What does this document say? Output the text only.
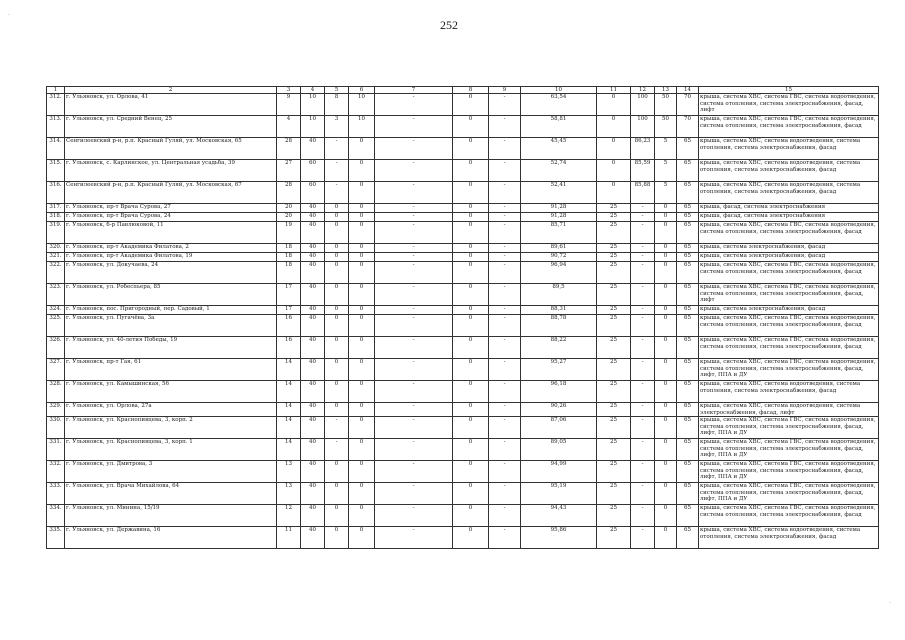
252
1	2	3	4	5	6	7	8	9	10	11	12	13	14	15
312.	г. Ульяновск, ул. Орлова, 41	9	10	8	10	-	0	-	63,54	0	100	50	70	крыша, система ХВС, система ГВС, система водоотведения, система отопления, система электроснабжения, фасад, лифт
313.	г. Ульяновск, ул. Средний Венец, 25	4	10	3	10	-	0	-	58,81	0	100	50	70	крыша, система ХВС, система ГВС, система водоотведения, система отопления, система электроснабжения, фасад
314.	Сенгилеевский р-н, р.п. Красный Гуляй, ул. Московская, 65	28	40	-	0	-	0	-	45,45	0	86,23	5	65	крыша, система ХВС, система водоотведения, система отопления, система электроснабжения, фасад
315.	г. Ульяновск, с. Карлинское, ул. Центральная усадьба, 39	27	60	-	0	-	0	-	52,74	0	85,59	5	65	крыша, система ХВС, система водоотведения, система отопления, система электроснабжения, фасад
316.	Сенгилеевский р-н, р.п. Красный Гуляй, ул. Московская, 67	28	60	-	0	-	0	-	52,41	0	85,88	5	65	крыша, система ХВС, система водоотведения, система отопления, система электроснабжения, фасад
317.	г. Ульяновск, пр-т Врача Сурова, 27	20	40	0	0	-	0	-	91,28	25	-	0	65	крыша, фасад, система электроснабжения
318.	г. Ульяновск, пр-т Врача Сурова, 24	20	40	0	0	-	0	-	91,28	25	-	0	65	крыша, фасад, система электроснабжения
319.	г. Ульяновск, б-р Павлюковой, 11	19	40	0	0	-	0	-	85,71	25	-	0	65	крыша, система ХВС, система ГВС, система водоотведения, система отопления, система электроснабжения, фасад
320.	г. Ульяновск, пр-т Академика Филатова, 2	18	40	0	0	-	0	-	89,61	25	-	0	65	крыша, система электроснабжения, фасад
321.	г. Ульяновск, пр-т Академика Филатова, 19	18	40	0	0	-	0	-	90,72	25	-	0	65	крыша, система электроснабжения, фасад
322.	г. Ульяновск, ул. Докучаева, 24	18	40	0	0	-	0	-	96,94	25	-	0	65	крыша, система ХВС, система ГВС, система водоотведения, система отопления, система электроснабжения, фасад
323.	г. Ульяновск, ул. Робеспьера, 85	17	40	0	0	-	0	-	89,5	25	-	0	65	крыша, система ХВС, система ГВС, система водоотведения, система отопления, система электроснабжения, фасад, лифт
324.	г. Ульяновск, пос. Пригородный, пер. Садовый, 1	17	40	0	0	-	0	-	88,31	25	-	0	65	крыша, система электроснабжения, фасад
325.	г. Ульяновск, ул. Пугачёва, 3а	16	40	0	0	-	0	-	88,78	25	-	0	65	крыша, система ХВС, система ГВС, система водоотведения, система отопления, система электроснабжения, фасад
326.	г. Ульяновск, ул. 40-летия Победы, 19	16	40	0	0	-	0	-	88,22	25	-	0	65	крыша, система ХВС, система ГВС, система водоотведения, система отопления, система электроснабжения, фасад
327.	г. Ульяновск, пр-т Гая, 61	14	40	0	0	-	0	-	95,27	25	-	0	65	крыша, система ХВС, система ГВС, система водоотведения, система отопления, система электроснабжения, фасад, лифт, ППА и ДУ
328.	г. Ульяновск, ул. Камышинская, 56	14	40	0	0	-	0	-	96,18	25	-	0	65	крыша, система ХВС, система водоотведения, система отопления, система электроснабжения, фасад
329.	г. Ульяновск, ул. Орлова, 27а	14	40	0	0	-	0	-	90,26	25	-	0	65	крыша, система ХВС, система водоотведения, система электроснабжения, фасад, лифт
330.	г. Ульяновск, ул. Краснопивцева, 3, корп. 2	14	40	-	0	-	0	-	87,06	25	-	0	65	крыша, система ХВС, система ГВС, система водоотведения, система отопления, система электроснабжения, фасад, лифт, ППА и ДУ
331.	г. Ульяновск, ул. Краснопивцева, 3, корп. 1	14	40	-	0	-	0	-	89,05	25	-	0	65	крыша, система ХВС, система ГВС, система водоотведения, система отопления, система электроснабжения, фасад, лифт, ППА и ДУ
332.	г. Ульяновск, ул. Дмитрова, 3	13	40	0	0	-	0	-	94,99	25	-	0	65	крыша, система ХВС, система ГВС, система водоотведения, система отопления, система электроснабжения, фасад, лифт, ППА и ДУ
333.	г. Ульяновск, ул. Врача Михайлова, 64	13	40	0	0	-	0	-	95,19	25	-	0	65	крыша, система ХВС, система ГВС, система водоотведения, система отопления, система электроснабжения, фасад, лифт, ППА и ДУ
334.	г. Ульяновск, ул. Минина, 15/19	12	40	0	0	-	0	-	94,43	25	-	0	65	крыша, система ХВС, система ГВС, система водоотведения, система отопления, система электроснабжения, фасад
335.	г. Ульяновск, ул. Державина, 16	11	40	0	0	-	0	-	95,86	25	-	0	65	крыша, система ХВС, система водоотведения, система отопления, система электроснабжения, фасад
·
·
